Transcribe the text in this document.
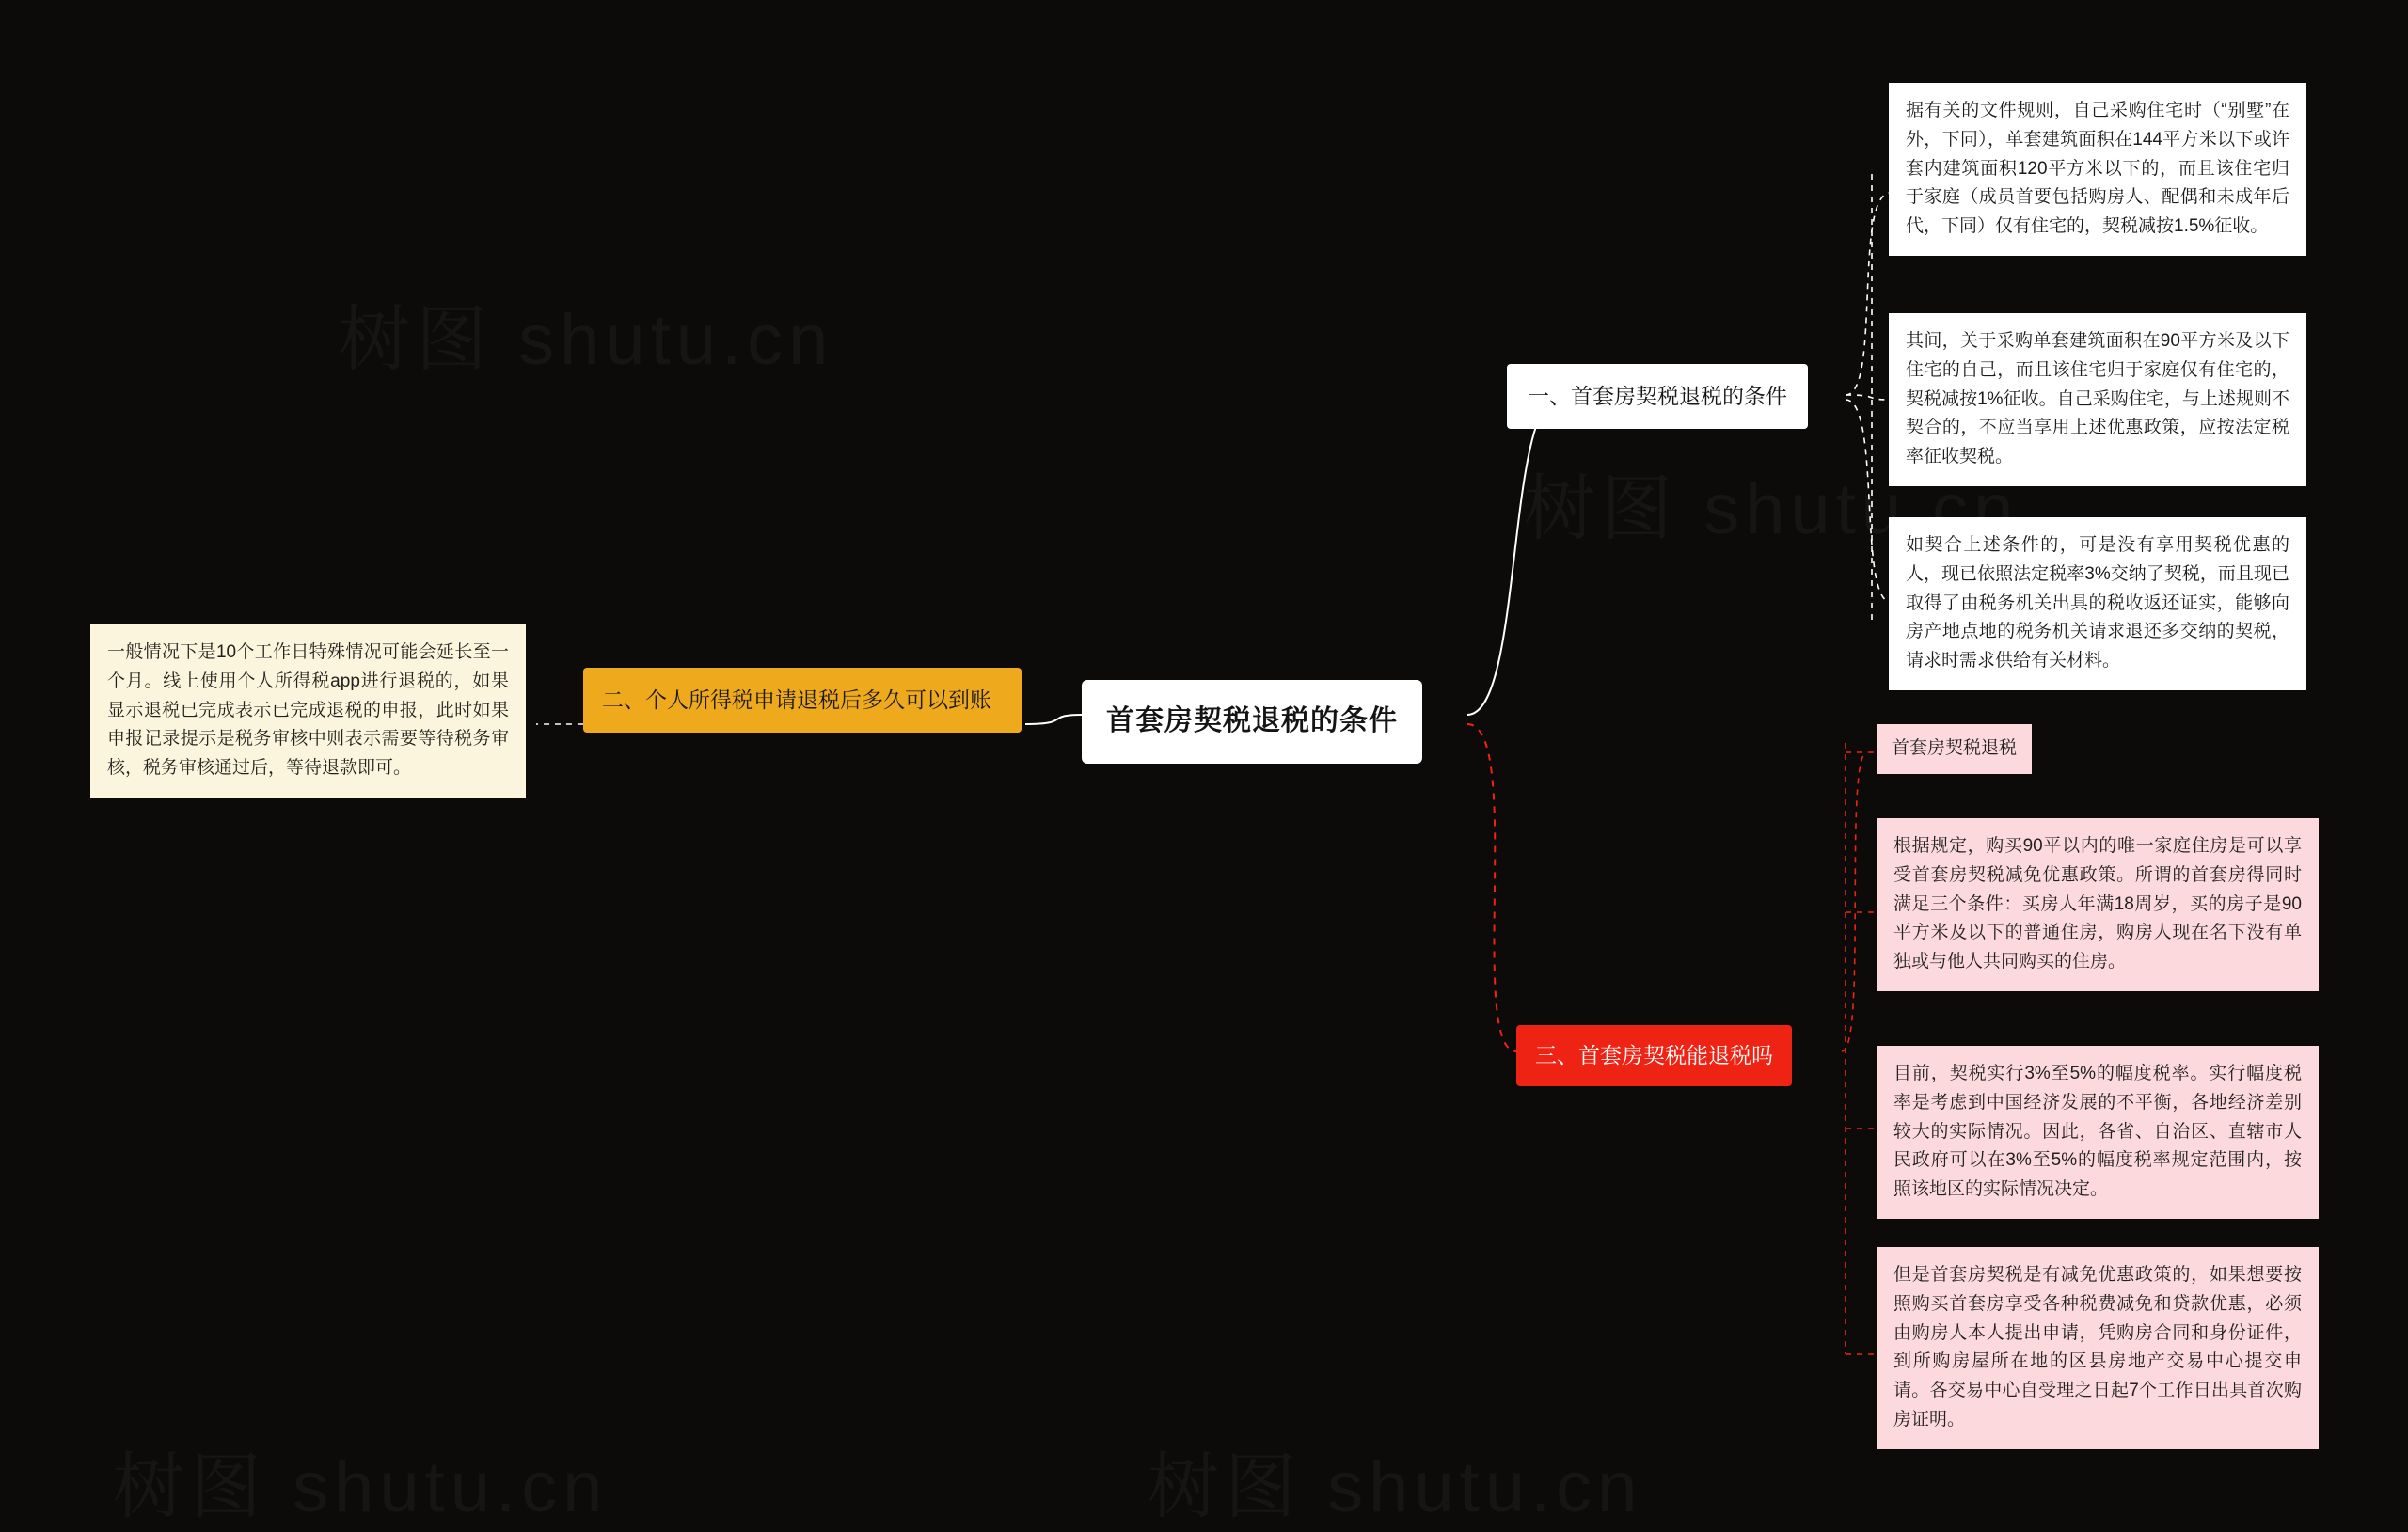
首套房契税退税的条件
一、首套房契税退税的条件
据有关的文件规则，自己采购住宅时（“别墅”在外，下同），单套建筑面积在144平方米以下或许套内建筑面积120平方米以下的，而且该住宅归于家庭（成员首要包括购房人、配偶和未成年后代，下同）仅有住宅的，契税减按1.5%征收。
其间，关于采购单套建筑面积在90平方米及以下住宅的自己，而且该住宅归于家庭仅有住宅的，契税减按1%征收。自己采购住宅，与上述规则不契合的，不应当享用上述优惠政策，应按法定税率征收契税。
如契合上述条件的，可是没有享用契税优惠的人，现已依照法定税率3%交纳了契税，而且现已取得了由税务机关出具的税收返还证实，能够向房产地点地的税务机关请求退还多交纳的契税，请求时需求供给有关材料。
二、个人所得税申请退税后多久可以到账
一般情况下是10个工作日特殊情况可能会延长至一个月。线上使用个人所得税app进行退税的，如果显示退税已完成表示已完成退税的申报，此时如果申报记录提示是税务审核中则表示需要等待税务审核，税务审核通过后，等待退款即可。
三、首套房契税能退税吗
首套房契税退税
根据规定，购买90平以内的唯一家庭住房是可以享受首套房契税减免优惠政策。所谓的首套房得同时满足三个条件：买房人年满18周岁，买的房子是90平方米及以下的普通住房，购房人现在名下没有单独或与他人共同购买的住房。
目前，契税实行3%至5%的幅度税率。实行幅度税率是考虑到中国经济发展的不平衡，各地经济差别较大的实际情况。因此，各省、自治区、直辖市人民政府可以在3%至5%的幅度税率规定范围内，按照该地区的实际情况决定。
但是首套房契税是有减免优惠政策的，如果想要按照购买首套房享受各种税费减免和贷款优惠，必须由购房人本人提出申请，凭购房合同和身份证件，到所购房屋所在地的区县房地产交易中心提交申请。各交易中心自受理之日起7个工作日出具首次购房证明。
